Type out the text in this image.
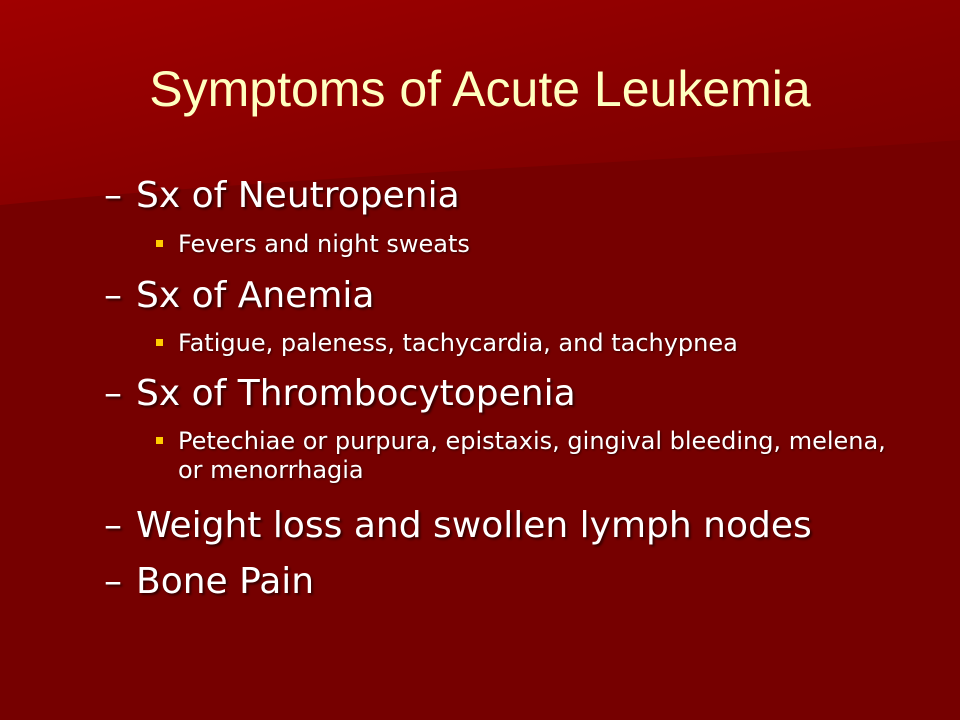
Symptoms of Acute Leukemia

– Sx of Neutropenia

Fevers and night sweats

– Sx of Anemia

Fatigue, paleness, tachycardia, and tachypnea

– Sx of Thrombocytopenia

Petechiae or purpura, epistaxis, gingival bleeding, melena, or menorrhagia

– Weight loss and swollen lymph nodes

– Bone Pain
